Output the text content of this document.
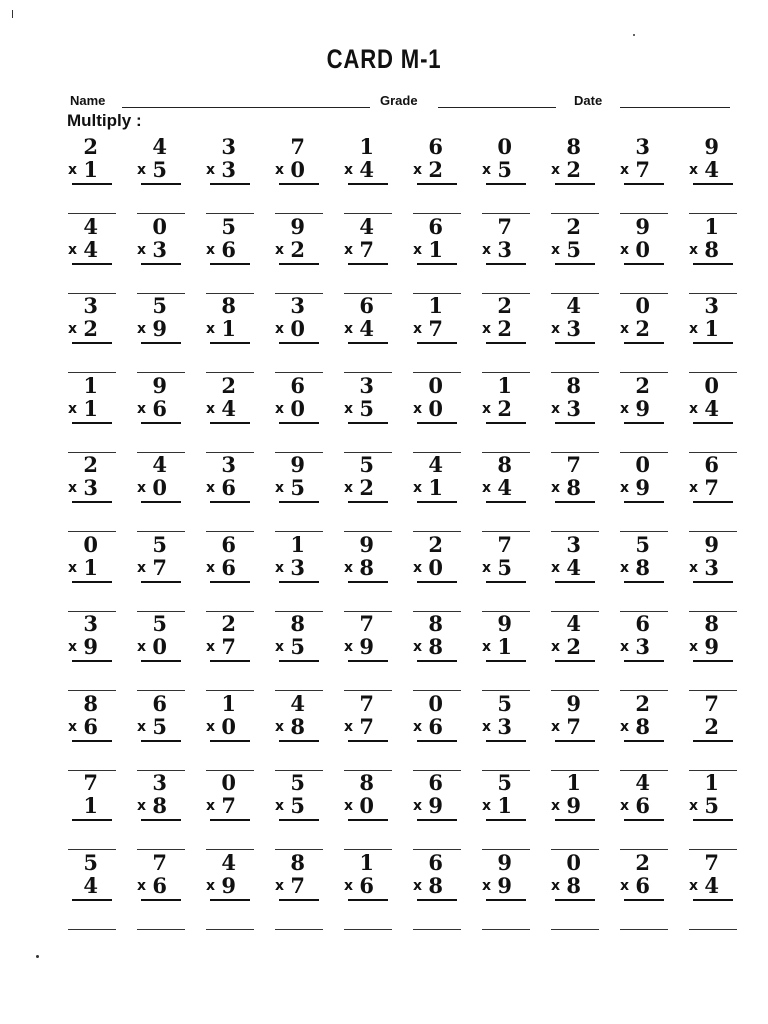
CARD M-1
Name	Grade	Date
Multiply :
2
x 1
4
x 5
3
x 3
7
x 0
1
x 4
6
x 2
0
x 5
8
x 2
3
x 7
9
x 4
4
x 4
0
x 3
5
x 6
9
x 2
4
x 7
6
x 1
7
x 3
2
x 5
9
x 0
1
x 8
3
x 2
5
x 9
8
x 1
3
x 0
6
x 4
1
x 7
2
x 2
4
x 3
0
x 2
3
x 1
1
x 1
9
x 6
2
x 4
6
x 0
3
x 5
0
x 0
1
x 2
8
x 3
2
x 9
0
x 4
2
x 3
4
x 0
3
x 6
9
x 5
5
x 2
4
x 1
8
x 4
7
x 8
0
x 9
6
x 7
0
x 1
5
x 7
6
x 6
1
x 3
9
x 8
2
x 0
7
x 5
3
x 4
5
x 8
9
x 3
3
x 9
5
x 0
2
x 7
8
x 5
7
x 9
8
x 8
9
x 1
4
x 2
6
x 3
8
x 9
8
x 6
6
x 5
1
x 0
4
x 8
7
x 7
0
x 6
5
x 3
9
x 7
2
x 8
7
2
7
1
3
x 8
0
x 7
5
x 5
8
x 0
6
x 9
5
x 1
1
x 9
4
x 6
1
x 5
5
4
7
x 6
4
x 9
8
x 7
1
x 6
6
x 8
9
x 9
0
x 8
2
x 6
7
x 4
